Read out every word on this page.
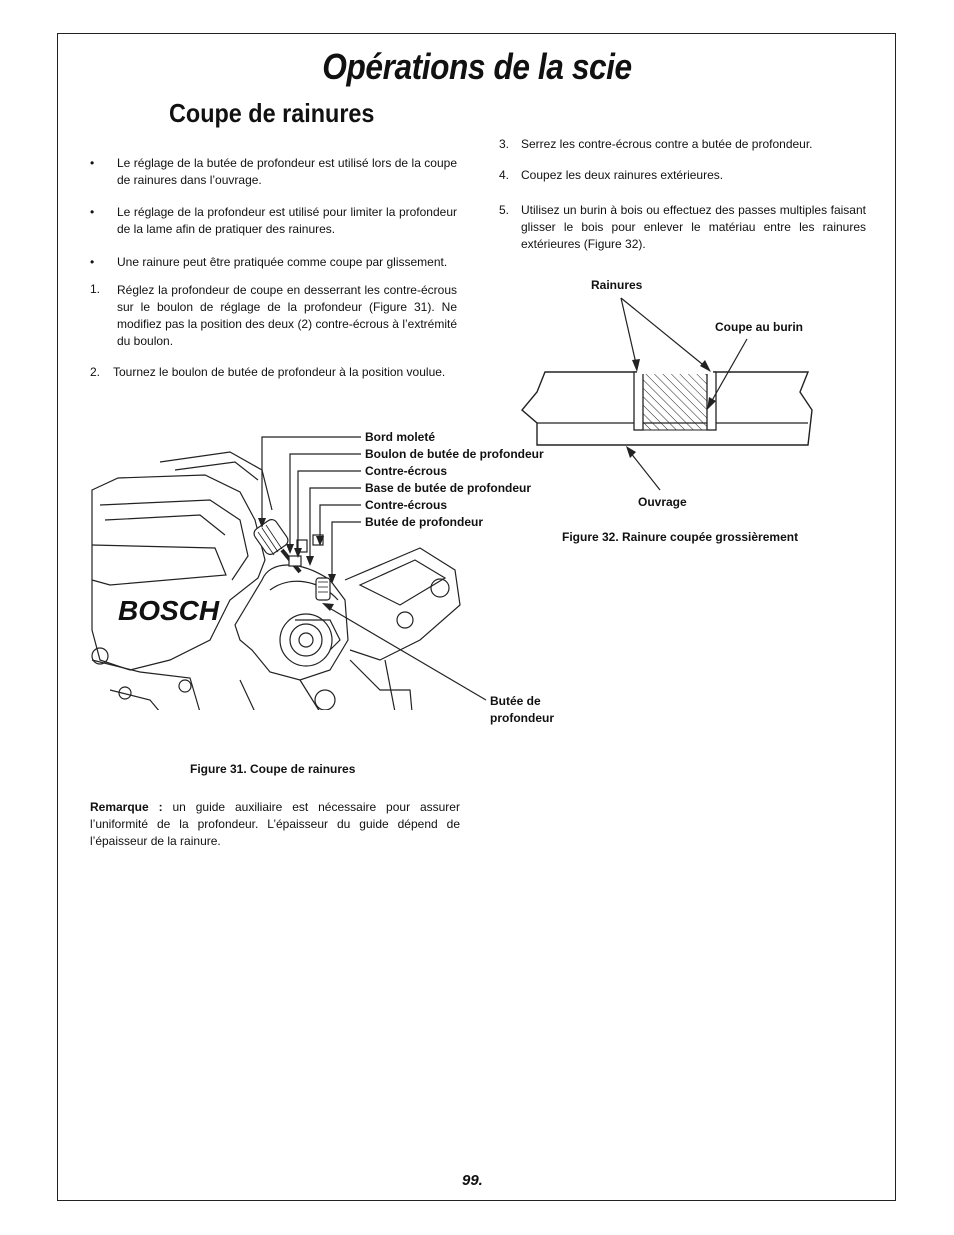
Opérations de la scie
Coupe de rainures
• Le réglage de la butée de profondeur est utilisé lors de la coupe de rainures dans l’ouvrage.
• Le réglage de la profondeur est utilisé pour limiter la profondeur de la lame afin de pratiquer des rainures.
• Une rainure peut être pratiquée comme coupe par glissement.
1. Réglez la profondeur de coupe en desserrant les contre-écrous sur le boulon de réglage de la profondeur (Figure 31). Ne modifiez pas la position des deux (2) contre-écrous à l’extrémité du boulon.
2. Tournez le boulon de butée de profondeur à la position voulue.
3. Serrez les contre-écrous contre a butée de profondeur.
4. Coupez les deux rainures extérieures.
5. Utilisez un burin à bois ou effectuez des passes multiples faisant glisser le bois pour enlever le matériau entre les rainures extérieures (Figure 32).
Rainures
Coupe au burin
Ouvrage
Figure 32. Rainure coupée grossièrement
BOSCH
Bord moleté
Boulon de butée de profondeur
Contre-écrous
Base de butée de profondeur
Contre-écrous
Butée de profondeur
Butée de
profondeur
Figure 31. Coupe de rainures
Remarque : un guide auxiliaire est nécessaire pour assurer l’uniformité de la profondeur. L’épaisseur du guide dépend de l’épaisseur de la rainure.
99.
